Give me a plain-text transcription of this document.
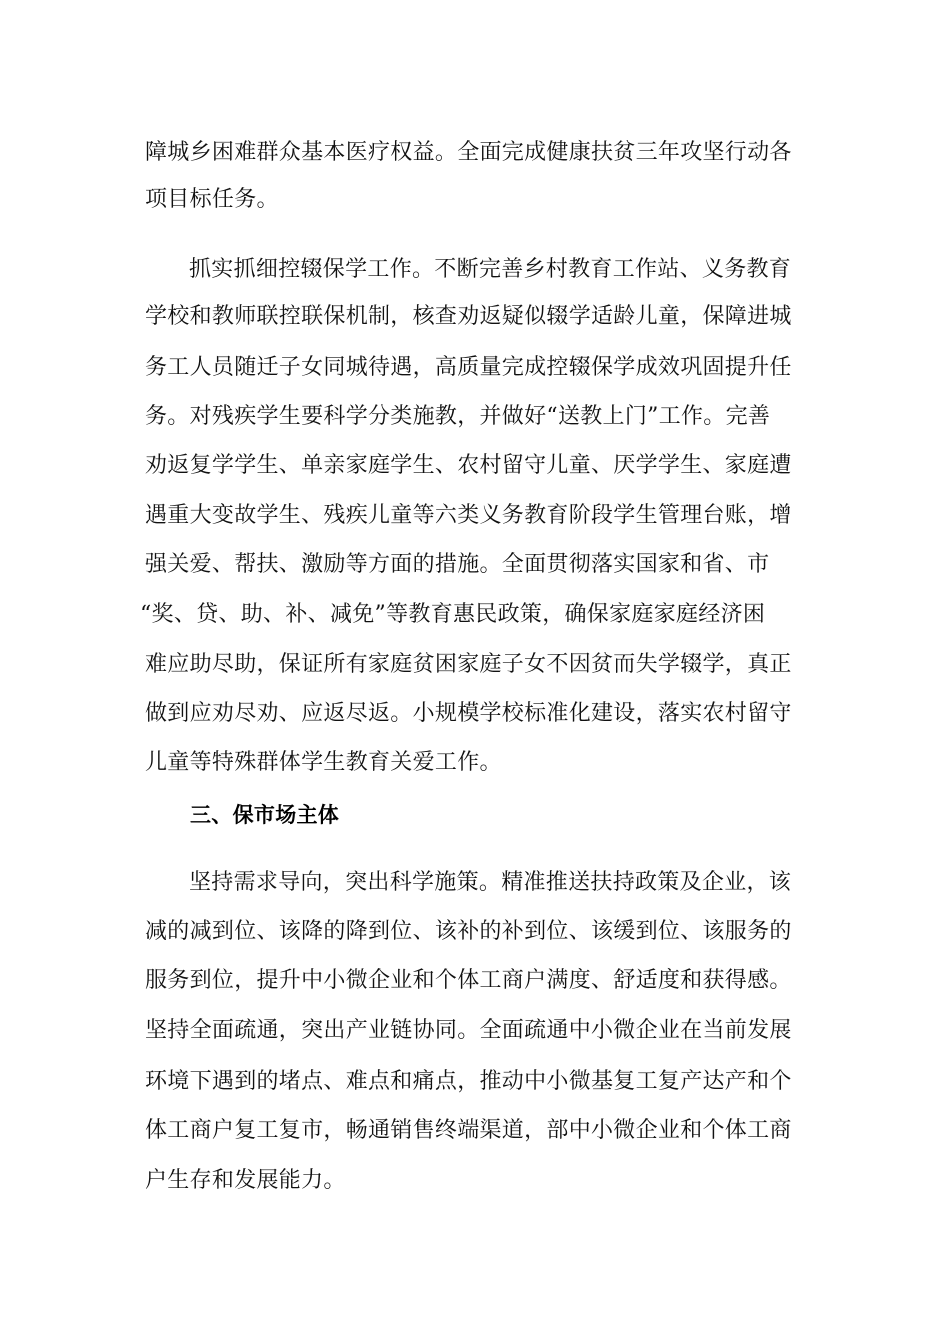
障城乡困难群众基本医疗权益。全面完成健康扶贫三年攻坚行动各
项目标任务。
抓实抓细控辍保学工作。不断完善乡村教育工作站、义务教育
学校和教师联控联保机制，核查劝返疑似辍学适龄儿童，保障进城
务工人员随迁子女同城待遇，高质量完成控辍保学成效巩固提升任
务。对残疾学生要科学分类施教，并做好“送教上门”工作。完善
劝返复学学生、单亲家庭学生、农村留守儿童、厌学学生、家庭遭
遇重大变故学生、残疾儿童等六类义务教育阶段学生管理台账，增
强关爱、帮扶、激励等方面的措施。全面贯彻落实国家和省、市
“奖、贷、助、补、减免”等教育惠民政策，确保家庭家庭经济困
难应助尽助，保证所有家庭贫困家庭子女不因贫而失学辍学，真正
做到应劝尽劝、应返尽返。小规模学校标准化建设，落实农村留守
儿童等特殊群体学生教育关爱工作。
三、保市场主体
坚持需求导向，突出科学施策。精准推送扶持政策及企业，该
减的减到位、该降的降到位、该补的补到位、该缓到位、该服务的
服务到位，提升中小微企业和个体工商户满度、舒适度和获得感。
坚持全面疏通，突出产业链协同。全面疏通中小微企业在当前发展
环境下遇到的堵点、难点和痛点，推动中小微基复工复产达产和个
体工商户复工复市，畅通销售终端渠道，部中小微企业和个体工商
户生存和发展能力。
